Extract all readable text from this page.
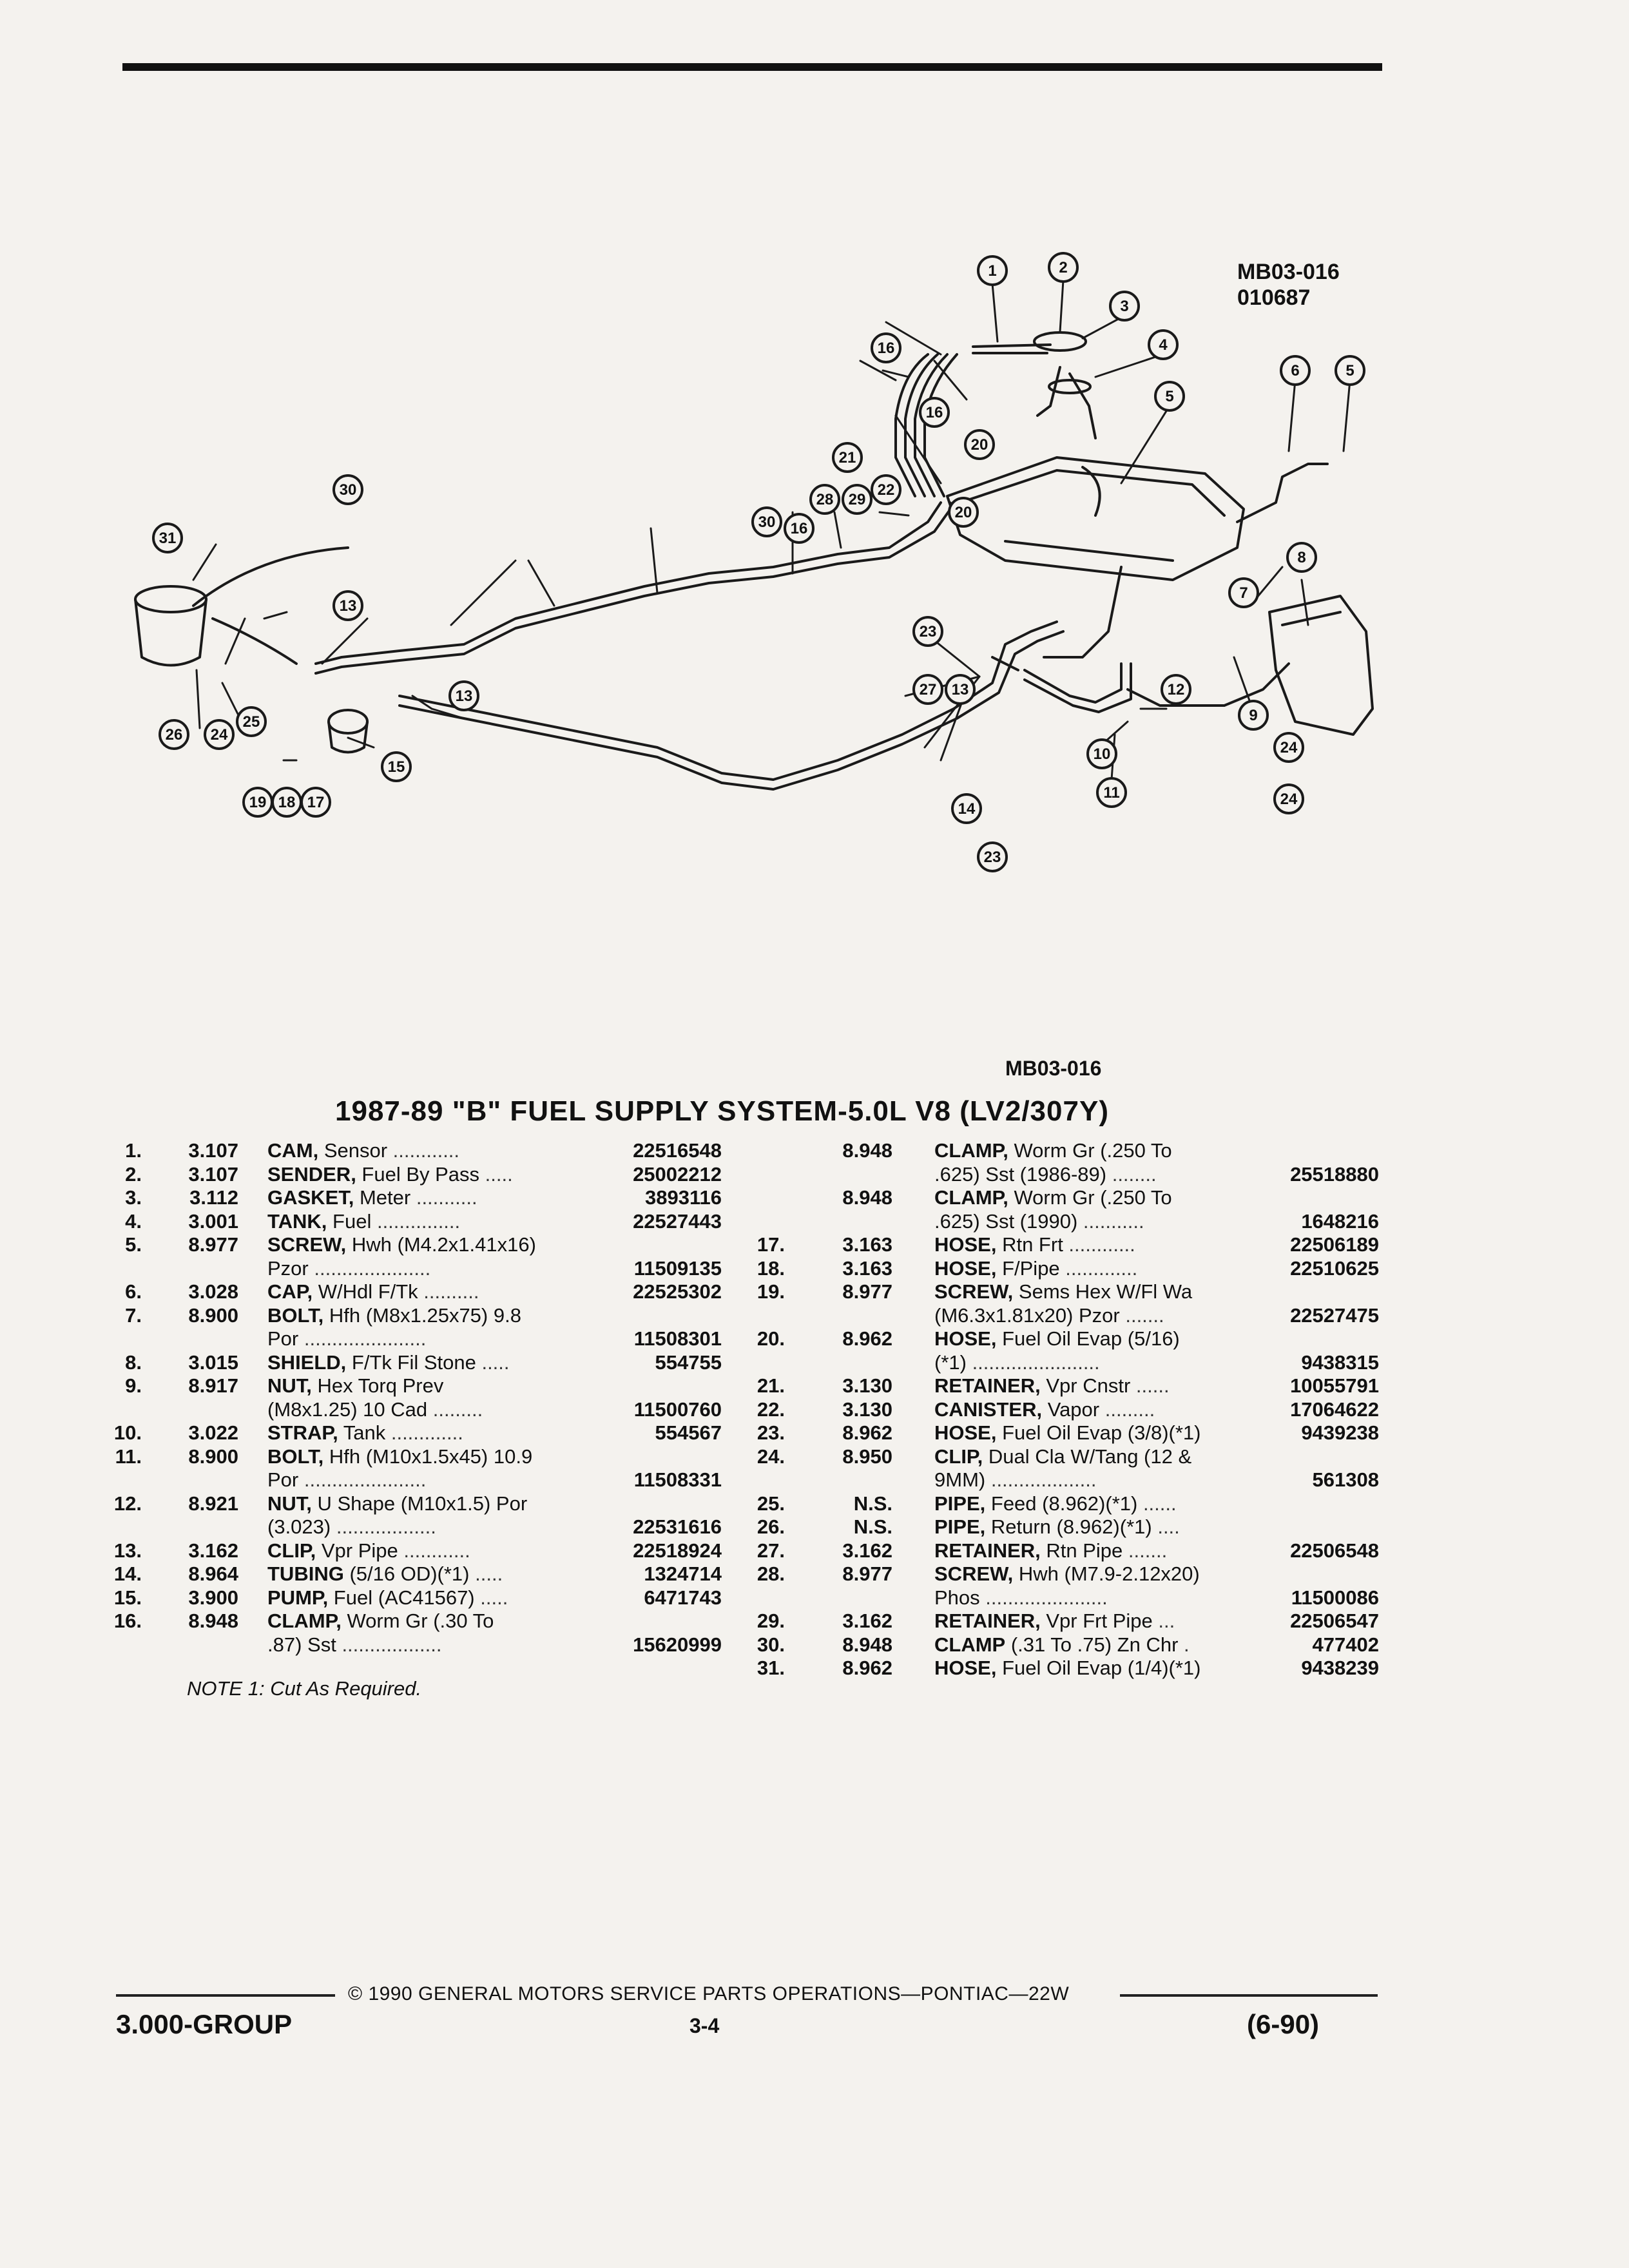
MB03-016
010687
1	2
3
4
5
6	5
7
8
9
10
11
12
13
13
13
14
15
16
16
16
17
18
19
20
20
21
22
23
23
24
24
24
25
26
27
28 29
30
30
31
MB03-016
1987-89 "B" FUEL SUPPLY SYSTEM-5.0L V8 (LV2/307Y)
1.	3.107 CAM, Sensor ............	22516548
2.	3.107 SENDER, Fuel By Pass .....	25002212
3.	3.112 GASKET, Meter ...........	3893116
4.	3.001 TANK, Fuel ...............	22527443
5.	8.977 SCREW, Hwh (M4.2x1.41x16)
Pzor .....................	11509135
6.	3.028 CAP, W/Hdl F/Tk ..........	22525302
7.	8.900 BOLT, Hfh (M8x1.25x75) 9.8
Por ......................	11508301
8.	3.015 SHIELD, F/Tk Fil Stone .....	554755
9.	8.917 NUT, Hex Torq Prev
(M8x1.25) 10 Cad .........	11500760
10.	3.022 STRAP, Tank .............	554567
11.	8.900 BOLT, Hfh (M10x1.5x45) 10.9
Por ......................	11508331
12.	8.921 NUT, U Shape (M10x1.5) Por
(3.023) ..................	22531616
13.	3.162 CLIP, Vpr Pipe ............	22518924
14.	8.964 TUBING (5/16 OD)(*1) .....	1324714
15.	3.900 PUMP, Fuel (AC41567) .....	6471743
16.	8.948 CLAMP, Worm Gr (.30 To
.87) Sst ..................	15620999
8.948 CLAMP, Worm Gr (.250 To
.625) Sst (1986-89) ........	25518880
8.948 CLAMP, Worm Gr (.250 To
.625) Sst (1990) ...........	1648216
17.	3.163 HOSE, Rtn Frt ............	22506189
18.	3.163 HOSE, F/Pipe .............	22510625
19.	8.977 SCREW, Sems Hex W/Fl Wa
(M6.3x1.81x20) Pzor .......	22527475
20.	8.962 HOSE, Fuel Oil Evap (5/16)
(*1) .......................	9438315
21.	3.130 RETAINER, Vpr Cnstr ......	10055791
22.	3.130 CANISTER, Vapor .........	17064622
23.	8.962 HOSE, Fuel Oil Evap (3/8)(*1)	9439238
24.	8.950 CLIP, Dual Cla W/Tang (12 &
9MM) ...................	561308
25.	N.S. PIPE, Feed (8.962)(*1) ......
26.	N.S. PIPE, Return (8.962)(*1) ....
27.	3.162 RETAINER, Rtn Pipe .......	22506548
28.	8.977 SCREW, Hwh (M7.9-2.12x20)
Phos ......................	11500086
29.	3.162 RETAINER, Vpr Frt Pipe ...	22506547
30.	8.948 CLAMP (.31 To .75) Zn Chr .	477402
31.	8.962 HOSE, Fuel Oil Evap (1/4)(*1)	9438239
NOTE 1: Cut As Required.
© 1990 GENERAL MOTORS SERVICE PARTS OPERATIONS—PONTIAC—22W
3.000-GROUP	3-4	(6-90)
